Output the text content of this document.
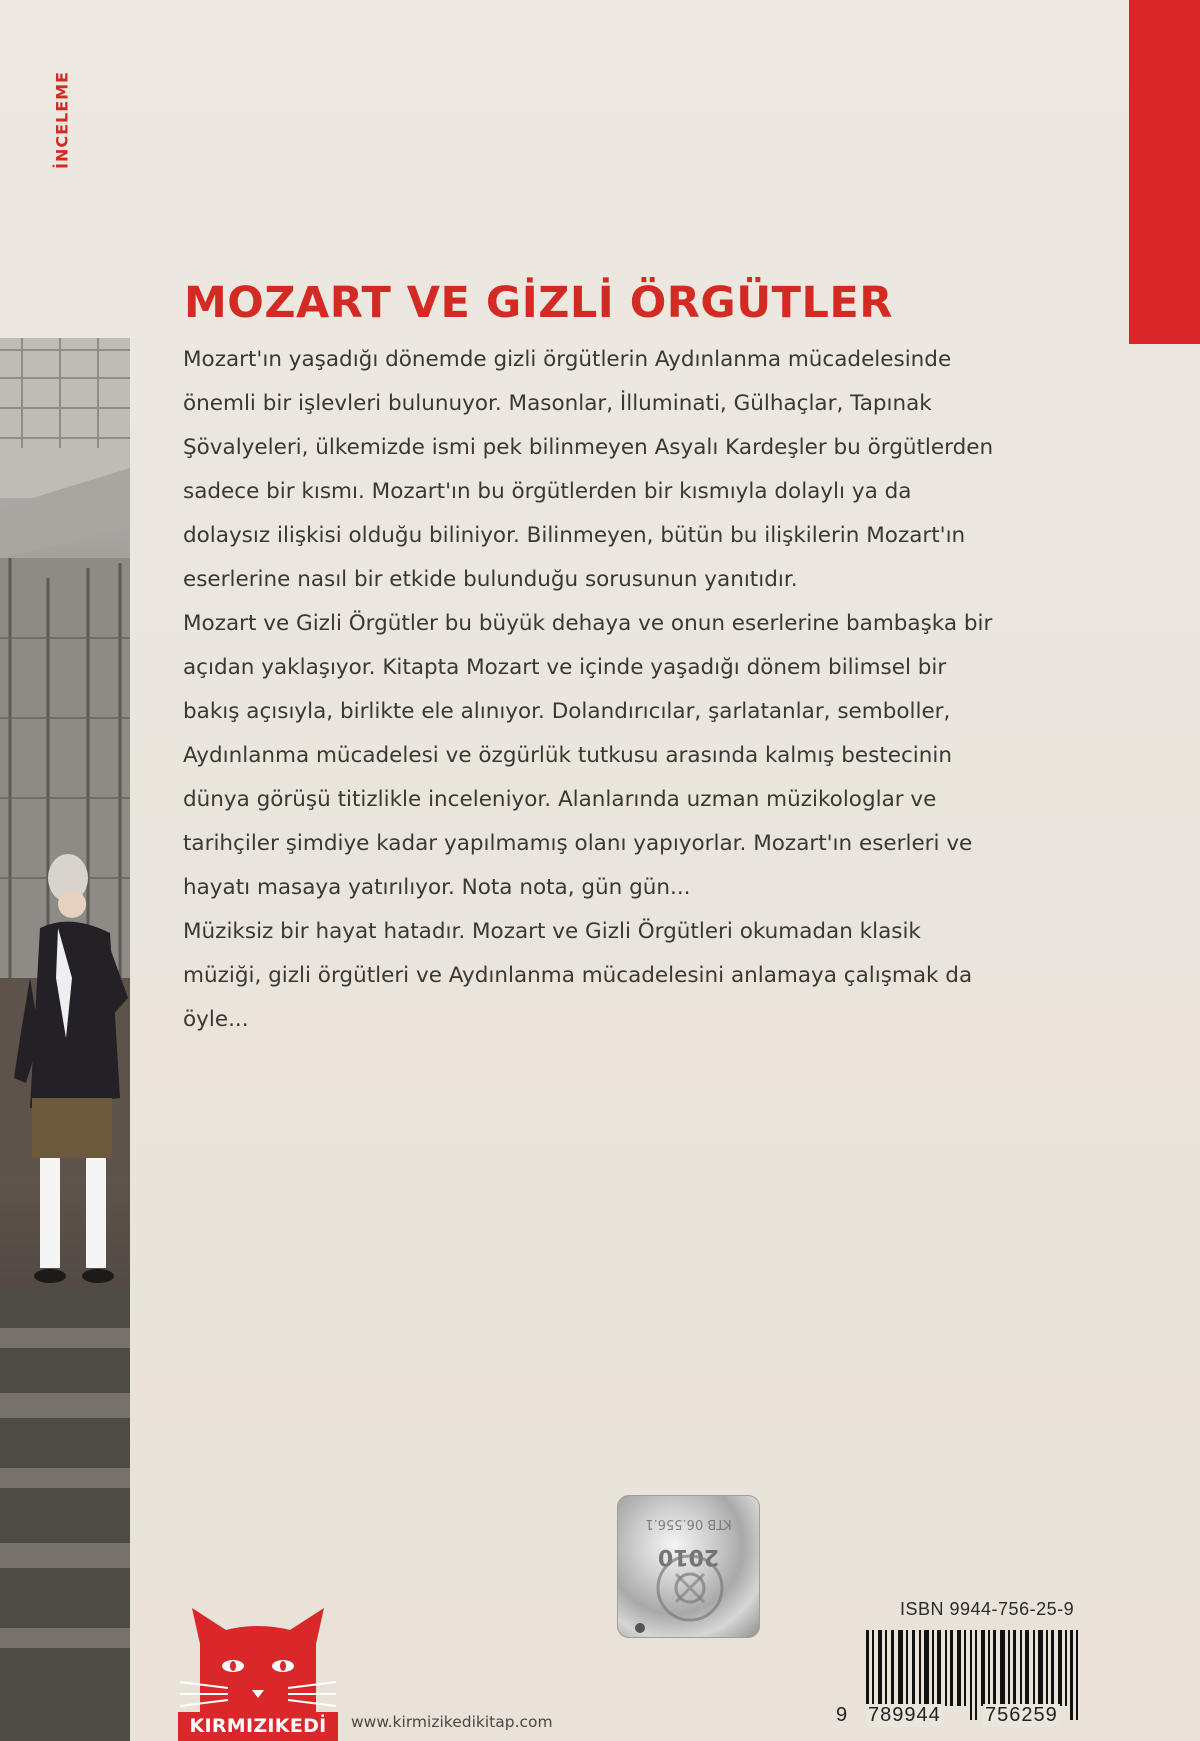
İNCELEME
MOZART VE GİZLİ ÖRGÜTLER

Mozart'ın yaşadığı dönemde gizli örgütlerin Aydınlanma mücadelesinde önemli bir işlevleri bulunuyor. Masonlar, İlluminati, Gülhaçlar, Tapınak Şövalyeleri, ülkemizde ismi pek bilinmeyen Asyalı Kardeşler bu örgütlerden sadece bir kısmı. Mozart'ın bu örgütlerden bir kısmıyla dolaylı ya da dolaysız ilişkisi olduğu biliniyor. Bilinmeyen, bütün bu ilişkilerin Mozart'ın eserlerine nasıl bir etkide bulunduğu sorusunun yanıtıdır.

Mozart ve Gizli Örgütler bu büyük dehaya ve onun eserlerine bambaşka bir açıdan yaklaşıyor. Kitapta Mozart ve içinde yaşadığı dönem bilimsel bir bakış açısıyla, birlikte ele alınıyor. Dolandırıcılar, şarlatanlar, semboller, Aydınlanma mücadelesi ve özgürlük tutkusu arasında kalmış bestecinin dünya görüşü titizlikle inceleniyor. Alanlarında uzman müzikologlar ve tarihçiler şimdiye kadar yapılmamış olanı yapıyorlar. Mozart'ın eserleri ve hayatı masaya yatırılıyor. Nota nota, gün gün...

Müziksiz bir hayat hatadır. Mozart ve Gizli Örgütleri okumadan klasik müziği, gizli örgütleri ve Aydınlanma mücadelesini anlamaya çalışmak da öyle...

KTB 06.556.1
2010
ISBN 9944-756-25-9
9 789944 756259
KIRMIZIKEDİ	www.kirmizikedikitap.com
